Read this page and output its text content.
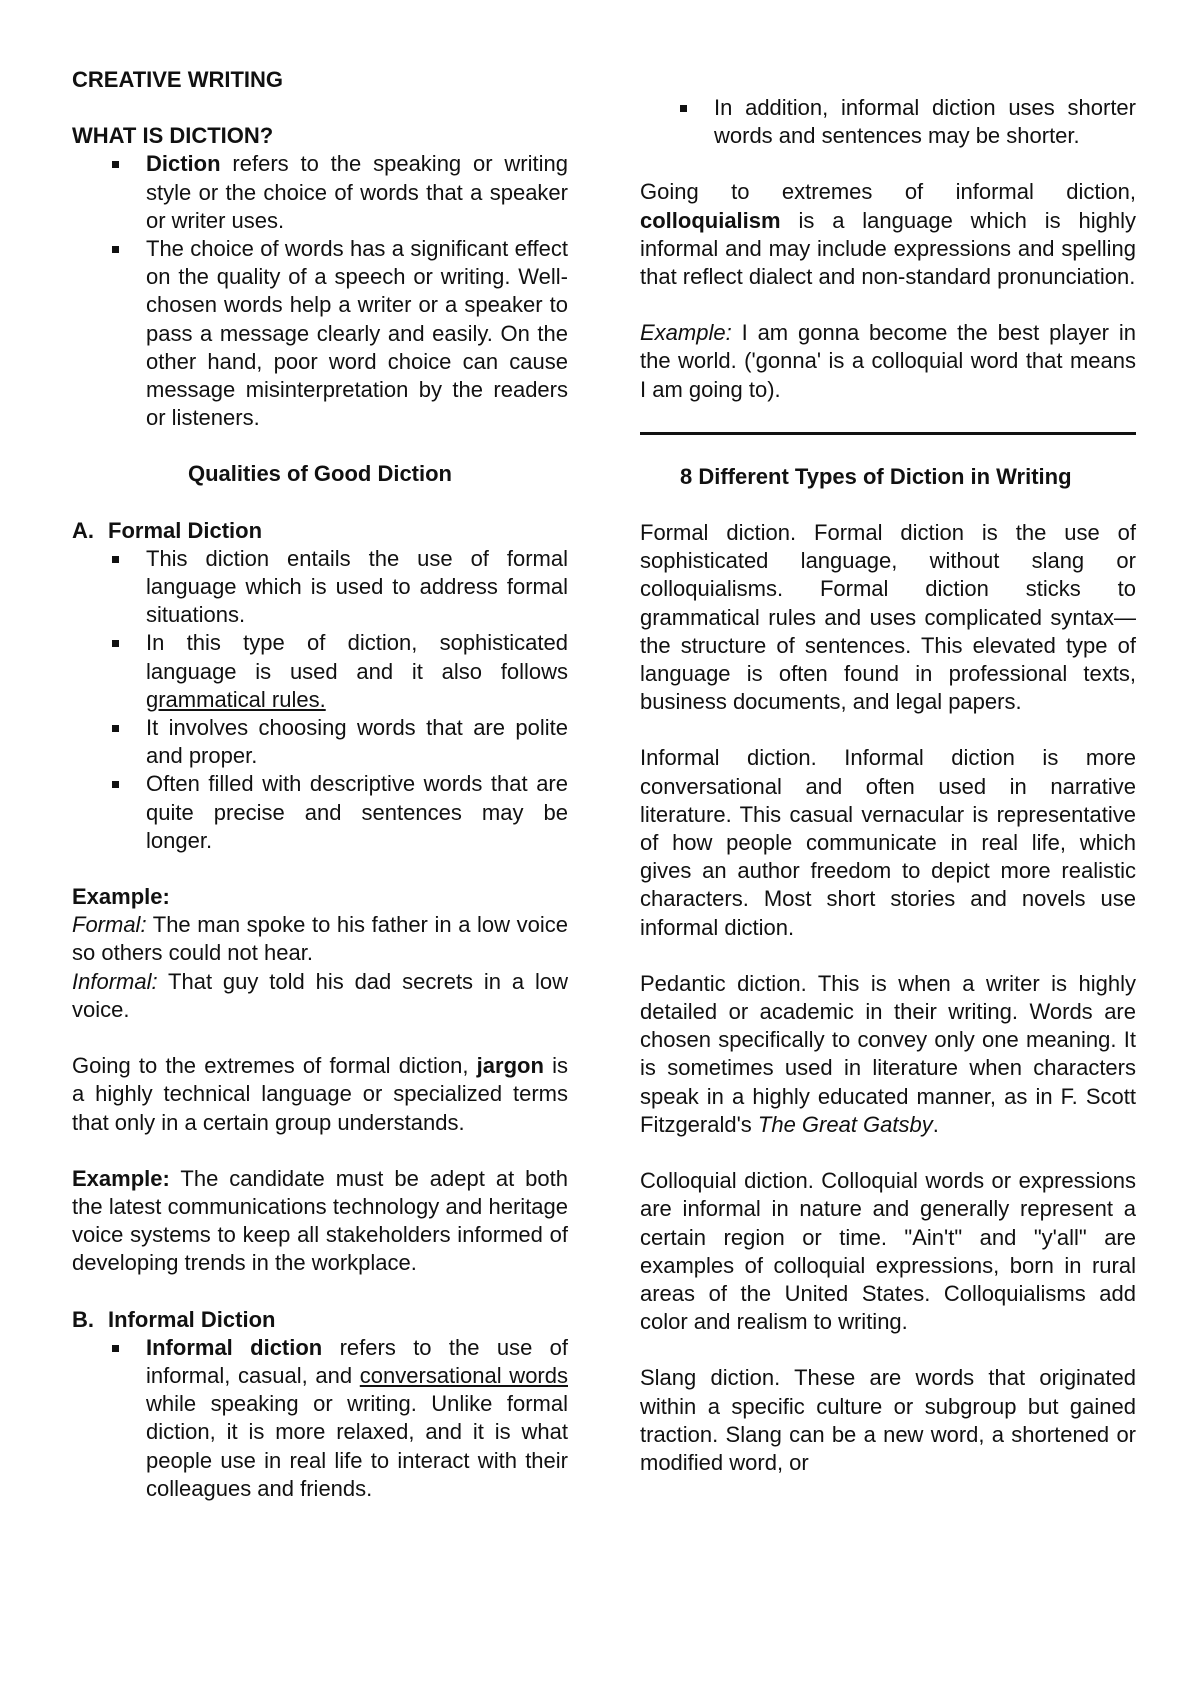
CREATIVE WRITING

WHAT IS DICTION?

Diction refers to the speaking or writing style or the choice of words that a speaker or writer uses.
The choice of words has a significant effect on the quality of a speech or writing. Well-chosen words help a writer or a speaker to pass a message clearly and easily. On the other hand, poor word choice can cause message misinterpretation by the readers or listeners.

Qualities of Good Diction

A. Formal Diction

This diction entails the use of formal language which is used to address formal situations.
In this type of diction, sophisticated language is used and it also follows grammatical rules.
It involves choosing words that are polite and proper.
Often filled with descriptive words that are quite precise and sentences may be longer.

Example:

Formal: The man spoke to his father in a low voice so others could not hear.

Informal: That guy told his dad secrets in a low voice.

Going to the extremes of formal diction, jargon is a highly technical language or specialized terms that only in a certain group understands.

Example: The candidate must be adept at both the latest communications technology and heritage voice systems to keep all stakeholders informed of developing trends in the workplace.

B. Informal Diction

Informal diction refers to the use of informal, casual, and conversational words while speaking or writing. Unlike formal diction, it is more relaxed, and it is what people use in real life to interact with their colleagues and friends.
In addition, informal diction uses shorter words and sentences may be shorter.

Going to extremes of informal diction, colloquialism is a language which is highly informal and may include expressions and spelling that reflect dialect and non-standard pronunciation.

Example: I am gonna become the best player in the world. ('gonna' is a colloquial word that means I am going to).

8 Different Types of Diction in Writing

Formal diction. Formal diction is the use of sophisticated language, without slang or colloquialisms. Formal diction sticks to grammatical rules and uses complicated syntax—the structure of sentences. This elevated type of language is often found in professional texts, business documents, and legal papers.

Informal diction. Informal diction is more conversational and often used in narrative literature. This casual vernacular is representative of how people communicate in real life, which gives an author freedom to depict more realistic characters. Most short stories and novels use informal diction.

Pedantic diction. This is when a writer is highly detailed or academic in their writing. Words are chosen specifically to convey only one meaning. It is sometimes used in literature when characters speak in a highly educated manner, as in F. Scott Fitzgerald's The Great Gatsby.

Colloquial diction. Colloquial words or expressions are informal in nature and generally represent a certain region or time. "Ain't" and "y'all" are examples of colloquial expressions, born in rural areas of the United States. Colloquialisms add color and realism to writing.

Slang diction. These are words that originated within a specific culture or subgroup but gained traction. Slang can be a new word, a shortened or modified word, or
